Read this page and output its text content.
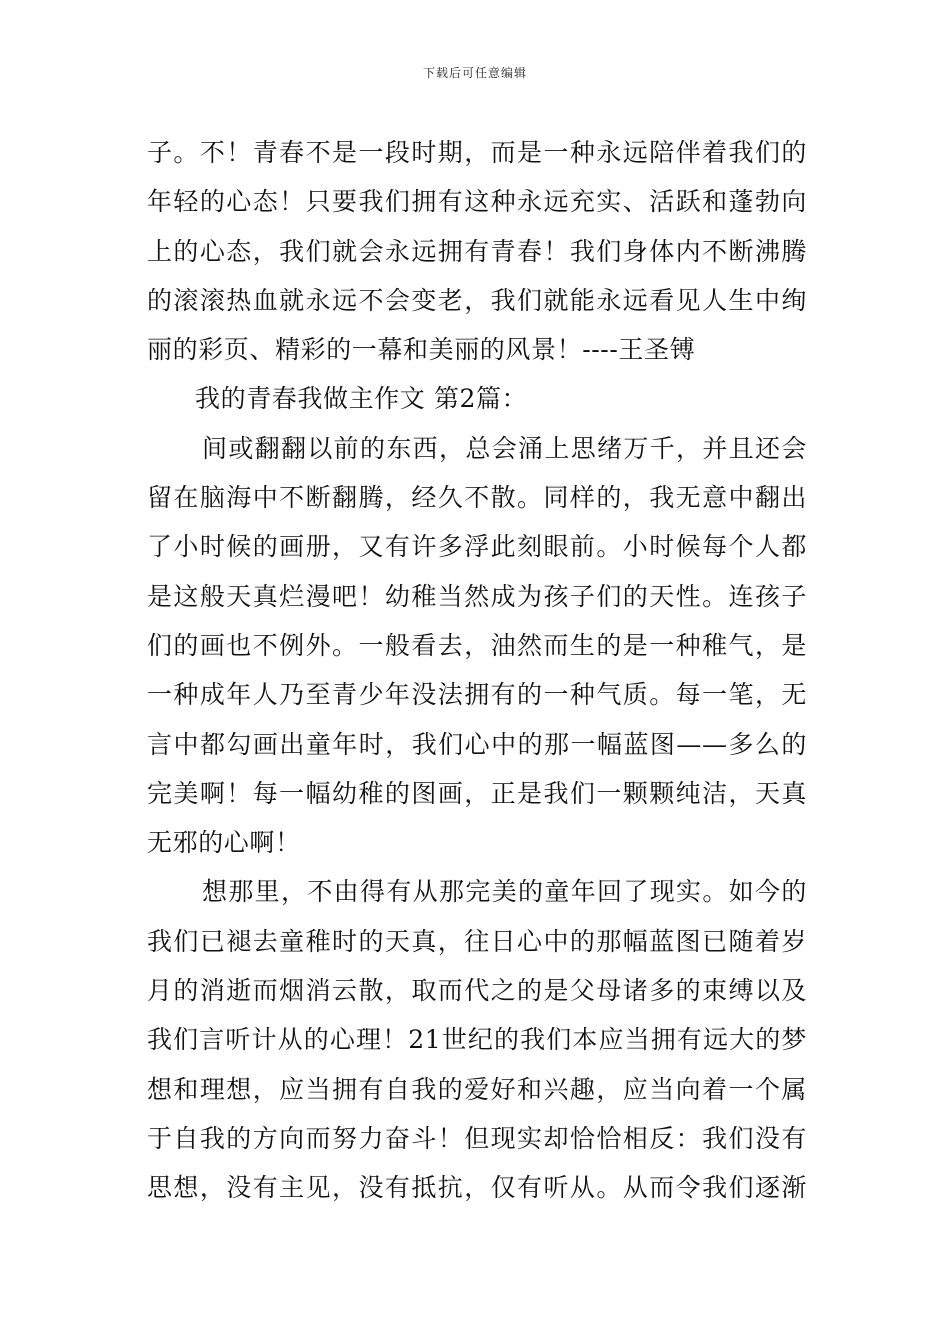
下载后可任意编辑
子。不！青春不是一段时期，而是一种永远陪伴着我们的
年轻的心态！只要我们拥有这种永远充实、活跃和蓬勃向
上的心态，我们就会永远拥有青春！我们身体内不断沸腾
的滚滚热血就永远不会变老，我们就能永远看见人生中绚
丽的彩页、精彩的一幕和美丽的风景！----王圣镈
我的青春我做主作文 第2篇：
间或翻翻以前的东西，总会涌上思绪万千，并且还会
留在脑海中不断翻腾，经久不散。同样的，我无意中翻出
了小时候的画册，又有许多浮此刻眼前。小时候每个人都
是这般天真烂漫吧！幼稚当然成为孩子们的天性。连孩子
们的画也不例外。一般看去，油然而生的是一种稚气，是
一种成年人乃至青少年没法拥有的一种气质。每一笔，无
言中都勾画出童年时，我们心中的那一幅蓝图——多么的
完美啊！每一幅幼稚的图画，正是我们一颗颗纯洁，天真
无邪的心啊！
想那里，不由得有从那完美的童年回了现实。如今的
我们已褪去童稚时的天真，往日心中的那幅蓝图已随着岁
月的消逝而烟消云散，取而代之的是父母诸多的束缚以及
我们言听计从的心理！21世纪的我们本应当拥有远大的梦
想和理想，应当拥有自我的爱好和兴趣，应当向着一个属
于自我的方向而努力奋斗！但现实却恰恰相反：我们没有
思想，没有主见，没有抵抗，仅有听从。从而令我们逐渐
